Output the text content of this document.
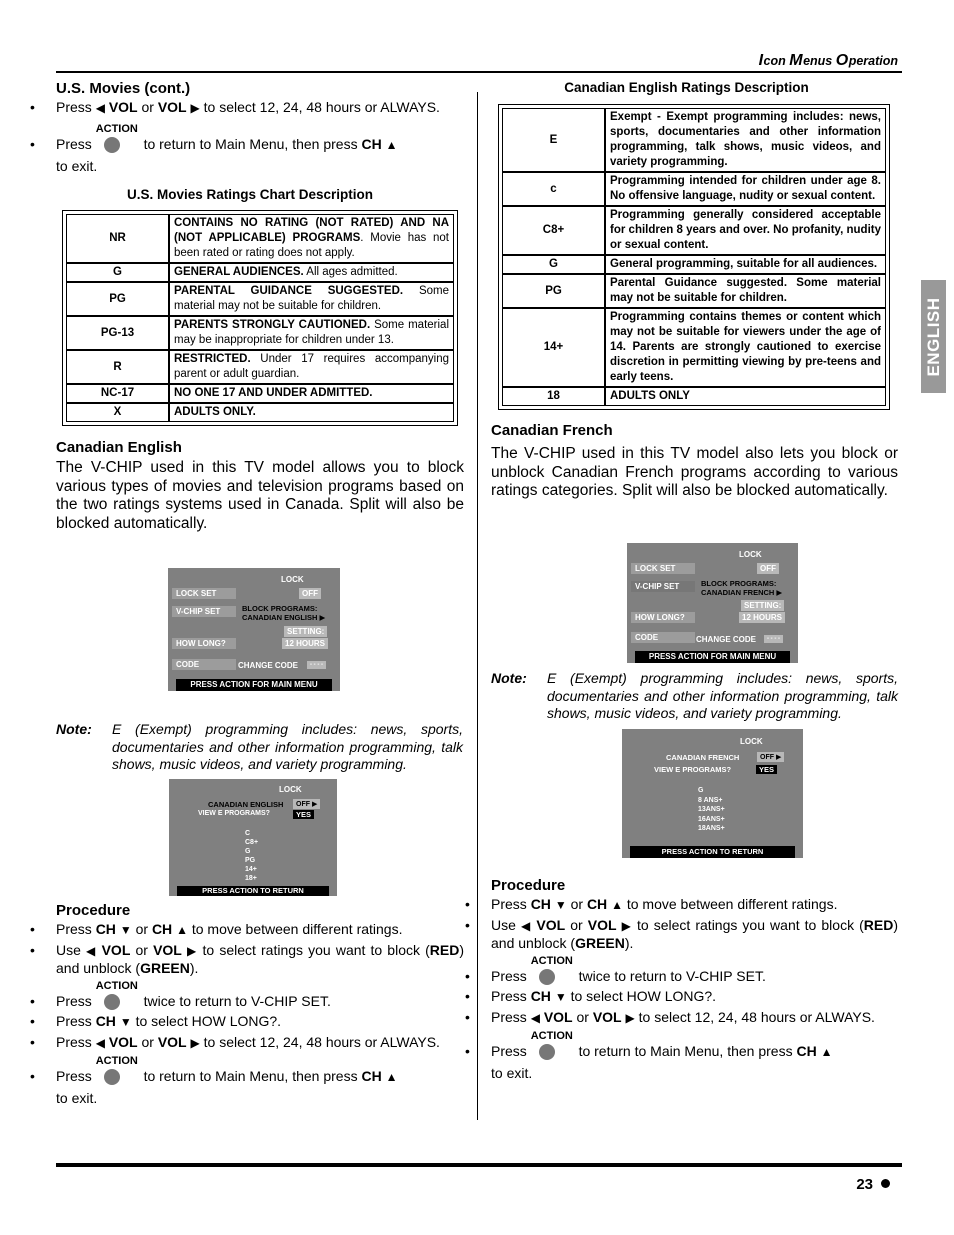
Icon Menus Operation
ENGLISH
U.S. Movies (cont.)
• Press ◀ VOL or VOL ▶ to select 12, 24, 48 hours or ALWAYS.
• Press
ACTION
to return to Main Menu, then press CH ▲
to exit.
U.S. Movies Ratings Chart Description
NR	CONTAINS NO RATING (NOT RATED) AND NA (NOT APPLICABLE) PROGRAMS. Movie has not been rated or rating does not apply.
G	GENERAL AUDIENCES. All ages admitted.
PG	PARENTAL GUIDANCE SUGGESTED. Some material may not be suitable for children.
PG-13	PARENTS STRONGLY CAUTIONED. Some material may be inappropriate for children under 13.
R	RESTRICTED. Under 17 requires accompanying parent or adult guardian.
NC-17	NO ONE 17 AND UNDER ADMITTED.
X	ADULTS ONLY.
Canadian English

The V-CHIP used in this TV model allows you to block various types of movies and television programs based on the two ratings systems used in Canada. Split will also be blocked automatically.

LOCK
LOCK SET	OFF
V-CHIP SET	BLOCK PROGRAMS:
CANADIAN ENGLISH ▶
SETTING:
HOW LONG?	12 HOURS
CODE	CHANGE CODE	- - - -
PRESS ACTION FOR MAIN MENU
Note: E (Exempt) programming includes: news, sports, documentaries and other information programming, talk shows, music videos, and variety programming.
LOCK
CANADIAN ENGLISH	OFF ▶
VIEW E PROGRAMS?	YES
C
C8+
G
PG
14+
18+
PRESS ACTION TO RETURN
Procedure
• Press CH ▼ or CH ▲ to move between different ratings.
• Use ◀ VOL or VOL ▶ to select ratings you want to block (RED) and unblock (GREEN).
• Press
ACTION
twice to return to V-CHIP SET.
• Press CH ▼ to select HOW LONG?.
• Press ◀ VOL or VOL ▶ to select 12, 24, 48 hours or ALWAYS.
• Press
ACTION
to return to Main Menu, then press CH ▲
to exit.
Canadian English Ratings Description
E	Exempt - Exempt programming includes: news, sports, documentaries and other information programming, talk shows, music videos, and variety programming.
c	Programming intended for children under age 8. No offensive language, nudity or sexual content.
C8+	Programming generally considered acceptable for children 8 years and over. No profanity, nudity or sexual content.
G	General programming, suitable for all audiences.
PG	Parental Guidance suggested. Some material may not be suitable for children.
14+	Programming contains themes or content which may not be suitable for viewers under the age of 14. Parents are strongly cautioned to exercise discretion in permitting viewing by pre-teens and early teens.
18	ADULTS ONLY
Canadian French

The V-CHIP used in this TV model also lets you block or unblock Canadian French programs according to various ratings categories. Split will also be blocked automatically.

LOCK
LOCK SET	OFF
V-CHIP SET	BLOCK PROGRAMS:
CANADIAN FRENCH ▶
SETTING:
HOW LONG?	12 HOURS
CODE	CHANGE CODE	- - - -
PRESS ACTION FOR MAIN MENU
Note: E (Exempt) programming includes: news, sports, documentaries and other information programming, talk shows, music videos, and variety programming.
LOCK
CANADIAN FRENCH	OFF ▶
VIEW E PROGRAMS?	YES
G
8 ANS+
13ANS+
16ANS+
18ANS+
PRESS ACTION TO RETURN
Procedure
• Press CH ▼ or CH ▲ to move between different ratings.
• Use ◀ VOL or VOL ▶ to select ratings you want to block (RED) and unblock (GREEN).
• Press
ACTION
twice to return to V-CHIP SET.
• Press CH ▼ to select HOW LONG?.
• Press ◀ VOL or VOL ▶ to select 12, 24, 48 hours or ALWAYS.
• Press
ACTION
to return to Main Menu, then press CH ▲
to exit.
23
